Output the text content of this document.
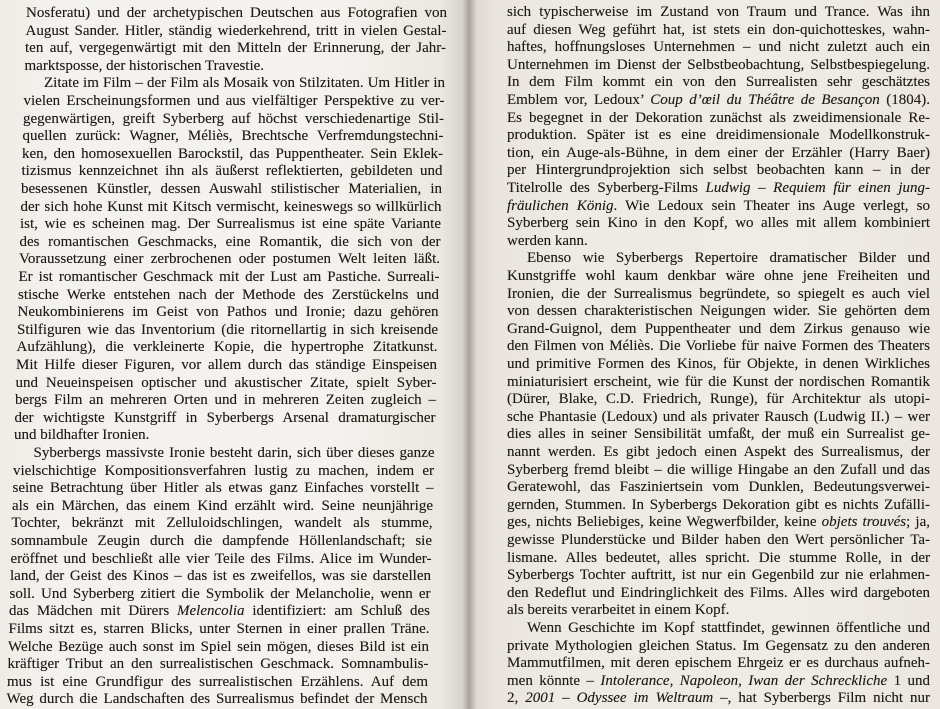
Nosferatu) und der archetypischen Deutschen aus Fotografien von
August Sander. Hitler, ständig wiederkehrend, tritt in vielen Gestal-
ten auf, vergegenwärtigt mit den Mitteln der Erinnerung, der Jahr-
marktsposse, der historischen Travestie.
Zitate im Film – der Film als Mosaik von Stilzitaten. Um Hitler in
vielen Erscheinungsformen und aus vielfältiger Perspektive zu ver-
gegenwärtigen, greift Syberberg auf höchst verschiedenartige Stil-
quellen zurück: Wagner, Méliès, Brechtsche Verfremdungstechni-
ken, den homosexuellen Barockstil, das Puppentheater. Sein Eklek-
tizismus kennzeichnet ihn als äußerst reflektierten, gebildeten und
besessenen Künstler, dessen Auswahl stilistischer Materialien, in
der sich hohe Kunst mit Kitsch vermischt, keineswegs so willkürlich
ist, wie es scheinen mag. Der Surrealismus ist eine späte Variante
des romantischen Geschmacks, eine Romantik, die sich von der
Voraussetzung einer zerbrochenen oder postumen Welt leiten läßt.
Er ist romantischer Geschmack mit der Lust am Pastiche. Surreali-
stische Werke entstehen nach der Methode des Zerstückelns und
Neukombinierens im Geist von Pathos und Ironie; dazu gehören
Stilfiguren wie das Inventorium (die ritornellartig in sich kreisende
Aufzählung), die verkleinerte Kopie, die hypertrophe Zitatkunst.
Mit Hilfe dieser Figuren, vor allem durch das ständige Einspeisen
und Neueinspeisen optischer und akustischer Zitate, spielt Syber-
bergs Film an mehreren Orten und in mehreren Zeiten zugleich –
der wichtigste Kunstgriff in Syberbergs Arsenal dramaturgischer
und bildhafter Ironien.
Syberbergs massivste Ironie besteht darin, sich über dieses ganze
vielschichtige Kompositionsverfahren lustig zu machen, indem er
seine Betrachtung über Hitler als etwas ganz Einfaches vorstellt –
als ein Märchen, das einem Kind erzählt wird. Seine neunjährige
Tochter, bekränzt mit Zelluloidschlingen, wandelt als stumme,
somnambule Zeugin durch die dampfende Höllenlandschaft; sie
eröffnet und beschließt alle vier Teile des Films. Alice im Wunder-
land, der Geist des Kinos – das ist es zweifellos, was sie darstellen
soll. Und Syberberg zitiert die Symbolik der Melancholie, wenn er
das Mädchen mit Dürers Melencolia identifiziert: am Schluß des
Films sitzt es, starren Blicks, unter Sternen in einer prallen Träne.
Welche Bezüge auch sonst im Spiel sein mögen, dieses Bild ist ein
kräftiger Tribut an den surrealistischen Geschmack. Somnambulis-
mus ist eine Grundfigur des surrealistischen Erzählens. Auf dem
Weg durch die Landschaften des Surrealismus befindet der Mensch
sich typischerweise im Zustand von Traum und Trance. Was ihn
auf diesen Weg geführt hat, ist stets ein don-quichotteskes, wahn-
haftes, hoffnungsloses Unternehmen – und nicht zuletzt auch ein
Unternehmen im Dienst der Selbstbeobachtung, Selbstbespiegelung.
In dem Film kommt ein von den Surrealisten sehr geschätztes
Emblem vor, Ledoux’ Coup d’œil du Théâtre de Besançon (1804).
Es begegnet in der Dekoration zunächst als zweidimensionale Re-
produktion. Später ist es eine dreidimensionale Modellkonstruk-
tion, ein Auge-als-Bühne, in dem einer der Erzähler (Harry Baer)
per Hintergrundprojektion sich selbst beobachten kann – in der
Titelrolle des Syberberg-Films Ludwig – Requiem für einen jung-
fräulichen König. Wie Ledoux sein Theater ins Auge verlegt, so
Syberberg sein Kino in den Kopf, wo alles mit allem kombiniert
werden kann.
Ebenso wie Syberbergs Repertoire dramatischer Bilder und
Kunstgriffe wohl kaum denkbar wäre ohne jene Freiheiten und
Ironien, die der Surrealismus begründete, so spiegelt es auch viel
von dessen charakteristischen Neigungen wider. Sie gehörten dem
Grand-Guignol, dem Puppentheater und dem Zirkus genauso wie
den Filmen von Méliès. Die Vorliebe für naive Formen des Theaters
und primitive Formen des Kinos, für Objekte, in denen Wirkliches
miniaturisiert erscheint, wie für die Kunst der nordischen Romantik
(Dürer, Blake, C.D. Friedrich, Runge), für Architektur als utopi-
sche Phantasie (Ledoux) und als privater Rausch (Ludwig II.) – wer
dies alles in seiner Sensibilität umfaßt, der muß ein Surrealist ge-
nannt werden. Es gibt jedoch einen Aspekt des Surrealismus, der
Syberberg fremd bleibt – die willige Hingabe an den Zufall und das
Geratewohl, das Fasziniertsein vom Dunklen, Bedeutungsverwei-
gernden, Stummen. In Syberbergs Dekoration gibt es nichts Zufälli-
ges, nichts Beliebiges, keine Wegwerfbilder, keine objets trouvés; ja,
gewisse Plunderstücke und Bilder haben den Wert persönlicher Ta-
lismane. Alles bedeutet, alles spricht. Die stumme Rolle, in der
Syberbergs Tochter auftritt, ist nur ein Gegenbild zur nie erlahmen-
den Redeflut und Eindringlichkeit des Films. Alles wird dargeboten
als bereits verarbeitet in einem Kopf.
Wenn Geschichte im Kopf stattfindet, gewinnen öffentliche und
private Mythologien gleichen Status. Im Gegensatz zu den anderen
Mammutfilmen, mit deren epischem Ehrgeiz er es durchaus aufneh-
men könnte – Intolerance, Napoleon, Iwan der Schreckliche 1 und
2, 2001 – Odyssee im Weltraum –, hat Syberbergs Film nicht nur
